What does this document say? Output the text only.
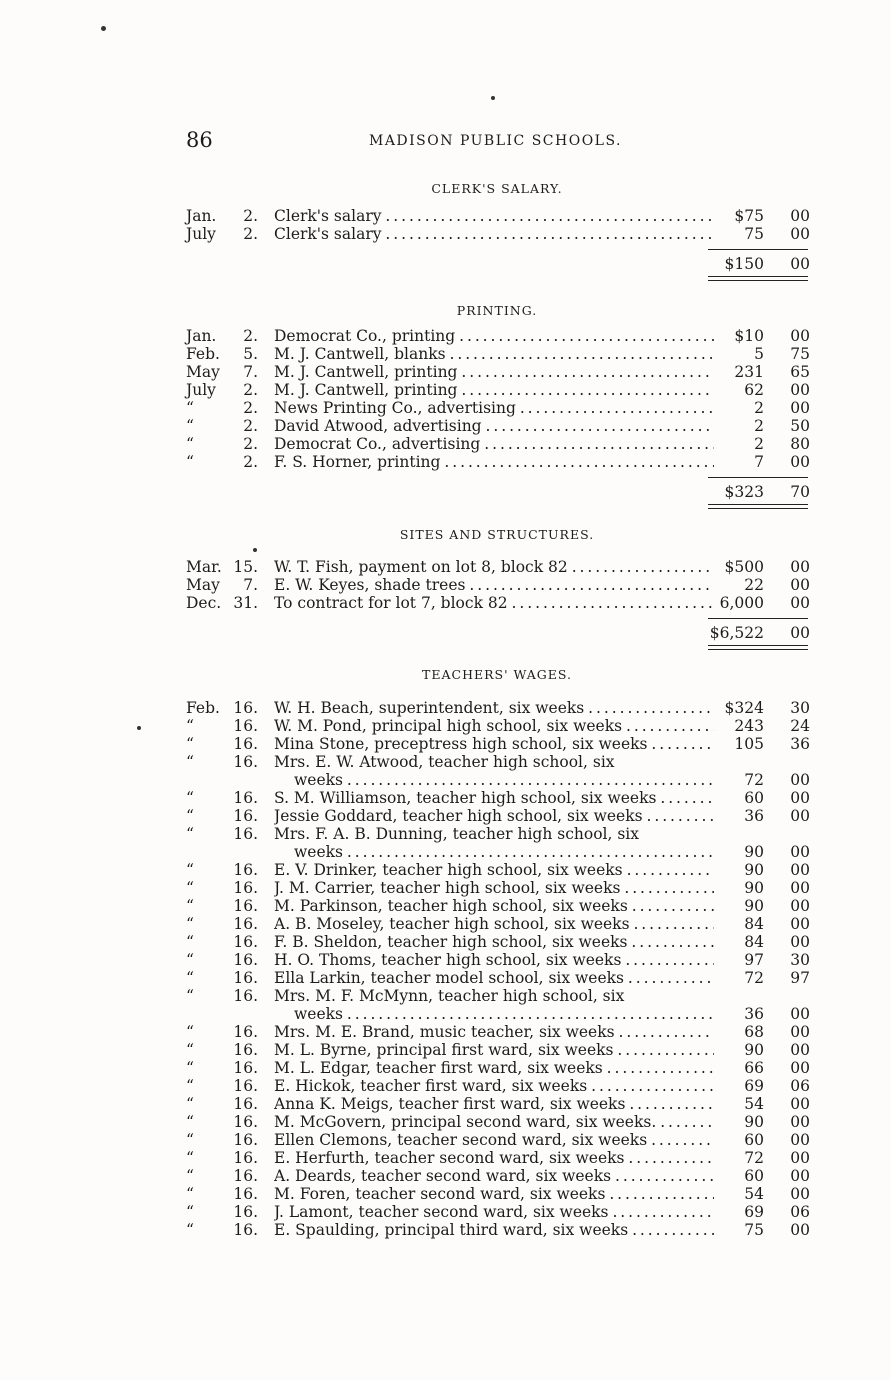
86	MADISON PUBLIC SCHOOLS.
CLERK'S SALARY.
Jan.	2. Clerk's salary . . .	$75	00
July	2. Clerk's salary . . .	75	00
$150 00
PRINTING.
Jan.	2. Democrat Co., printing . . .	$10	00
Feb.	5. M. J. Cantwell, blanks . . .	5	75
May	7. M. J. Cantwell, printing . . .	231	65
July	2. M. J. Cantwell, printing . . .	62	00
“	2. News Printing Co., advertising . . .	2	00
“	2. David Atwood, advertising . . .	2	50
“	2. Democrat Co., advertising . . .	2	80
“	2. F. S. Horner, printing . . .	7	00
$323 70
SITES AND STRUCTURES.
Mar. 15. W. T. Fish, payment on lot 8, block 82 . . .	$500	00
May	7. E. W. Keyes, shade trees . . .	22	00
Dec. 31. To contract for lot 7, block 82 . . .	6,000	00
$6,522 00
TEACHERS' WAGES.
Feb. 16. W. H. Beach, superintendent, six weeks . . .	$324	30
“	16. W. M. Pond, principal high school, six weeks . . .	243	24
“	16. Mina Stone, preceptress high school, six weeks . . .	105	36
“	16. Mrs. E. W. Atwood, teacher high school, six
weeks . . .	72	00
“	16. S. M. Williamson, teacher high school, six weeks . . .	60	00
“	16. Jessie Goddard, teacher high school, six weeks . . .	36	00
“	16. Mrs. F. A. B. Dunning, teacher high school, six
weeks . . .	90	00
“	16. E. V. Drinker, teacher high school, six weeks . . .	90	00
“	16. J. M. Carrier, teacher high school, six weeks . . .	90	00
“	16. M. Parkinson, teacher high school, six weeks . . .	90	00
“	16. A. B. Moseley, teacher high school, six weeks . . .	84	00
“	16. F. B. Sheldon, teacher high school, six weeks . . .	84	00
“	16. H. O. Thoms, teacher high school, six weeks . . .	97	30
“	16. Ella Larkin, teacher model school, six weeks . . .	72	97
“	16. Mrs. M. F. McMynn, teacher high school, six
weeks . . .	36	00
“	16. Mrs. M. E. Brand, music teacher, six weeks . . .	68	00
“	16. M. L. Byrne, principal first ward, six weeks . . .	90	00
“	16. M. L. Edgar, teacher first ward, six weeks . . .	66	00
“	16. E. Hickok, teacher first ward, six weeks . . .	69	06
“	16. Anna K. Meigs, teacher first ward, six weeks . . .	54	00
“	16. M. McGovern, principal second ward, six weeks. . . .	90	00
“	16. Ellen Clemons, teacher second ward, six weeks . . .	60	00
“	16. E. Herfurth, teacher second ward, six weeks . . .	72	00
“	16. A. Deards, teacher second ward, six weeks . . .	60	00
“	16. M. Foren, teacher second ward, six weeks . . .	54	00
“	16. J. Lamont, teacher second ward, six weeks . . .	69	06
“	16. E. Spaulding, principal third ward, six weeks . . .	75	00
